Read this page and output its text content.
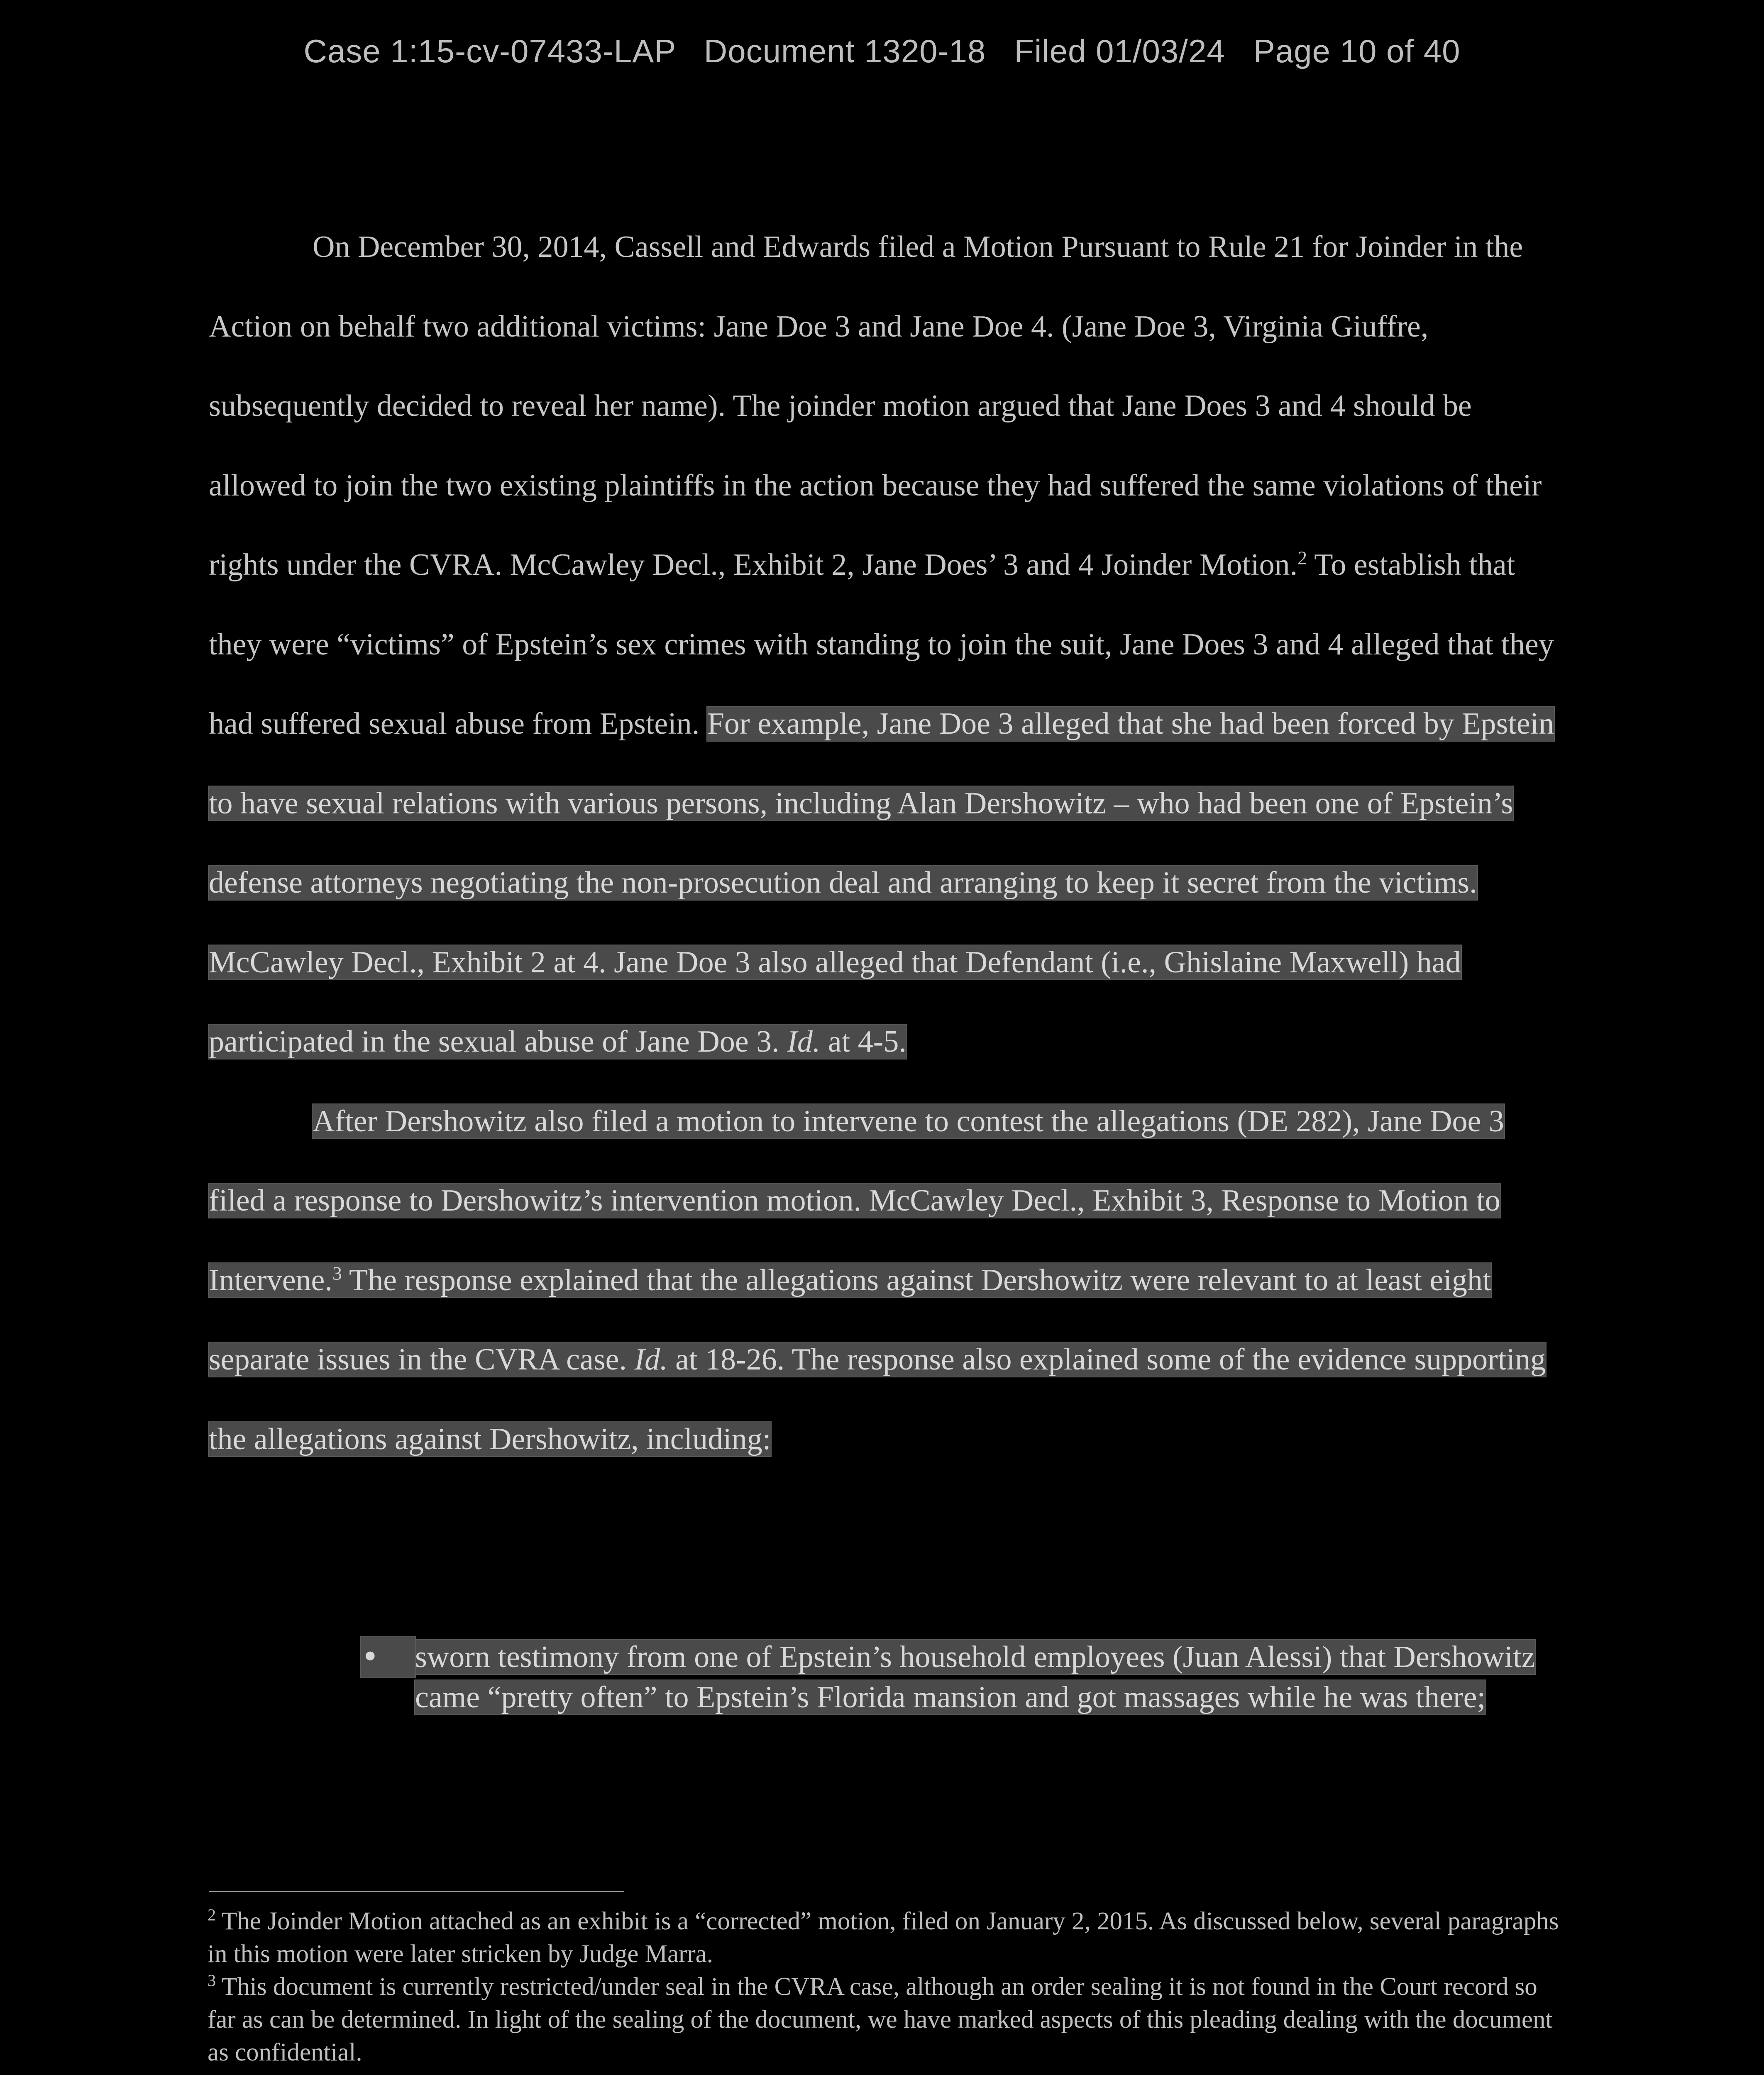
Case 1:15-cv-07433-LAP   Document 1320-18   Filed 01/03/24   Page 10 of 40

On December 30, 2014, Cassell and Edwards filed a Motion Pursuant to Rule 21 for Joinder in the Action on behalf two additional victims: Jane Doe 3 and Jane Doe 4. (Jane Doe 3, Virginia Giuffre, subsequently decided to reveal her name). The joinder motion argued that Jane Does 3 and 4 should be allowed to join the two existing plaintiffs in the action because they had suffered the same violations of their rights under the CVRA. McCawley Decl., Exhibit 2, Jane Does’ 3 and 4 Joinder Motion.$^2$ To establish that they were “victims” of Epstein’s sex crimes with standing to join the suit, Jane Does 3 and 4 alleged that they had suffered sexual abuse from Epstein. For example, Jane Doe 3 alleged that she had been forced by Epstein to have sexual relations with various persons, including Alan Dershowitz – who had been one of Epstein’s defense attorneys negotiating the non-prosecution deal and arranging to keep it secret from the victims. McCawley Decl., Exhibit 2 at 4. Jane Doe 3 also alleged that Defendant (i.e., Ghislaine Maxwell) had participated in the sexual abuse of Jane Doe 3. Id. at 4-5.

After Dershowitz also filed a motion to intervene to contest the allegations (DE 282), Jane Doe 3 filed a response to Dershowitz’s intervention motion. McCawley Decl., Exhibit 3, Response to Motion to Intervene.$^3$ The response explained that the allegations against Dershowitz were relevant to at least eight separate issues in the CVRA case. Id. at 18-26. The response also explained some of the evidence supporting the allegations against Dershowitz, including:

•	sworn testimony from one of Epstein’s household employees (Juan Alessi) that Dershowitz came “pretty often” to Epstein’s Florida mansion and got massages while he was there;

$^2$ The Joinder Motion attached as an exhibit is a “corrected” motion, filed on January 2, 2015. As discussed below, several paragraphs in this motion were later stricken by Judge Marra.

$^3$ This document is currently restricted/under seal in the CVRA case, although an order sealing it is not found in the Court record so far as can be determined. In light of the sealing of the document, we have marked aspects of this pleading dealing with the document as confidential.
